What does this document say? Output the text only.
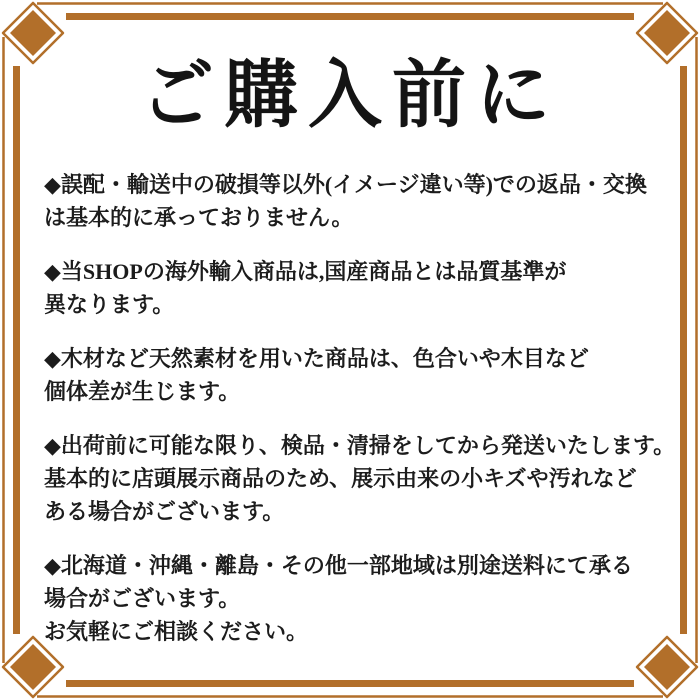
ご購入前に
◆誤配・輸送中の破損等以外(イメージ違い等)での返品・交換
は基本的に承っておりません。
◆当SHOPの海外輸入商品は,国産商品とは品質基準が
異なります。
◆木材など天然素材を用いた商品は、色合いや木目など
個体差が生じます。
◆出荷前に可能な限り、検品・清掃をしてから発送いたします。
基本的に店頭展示商品のため、展示由来の小キズや汚れなど
ある場合がございます。
◆北海道・沖縄・離島・その他一部地域は別途送料にて承る
場合がございます。
お気軽にご相談ください。
